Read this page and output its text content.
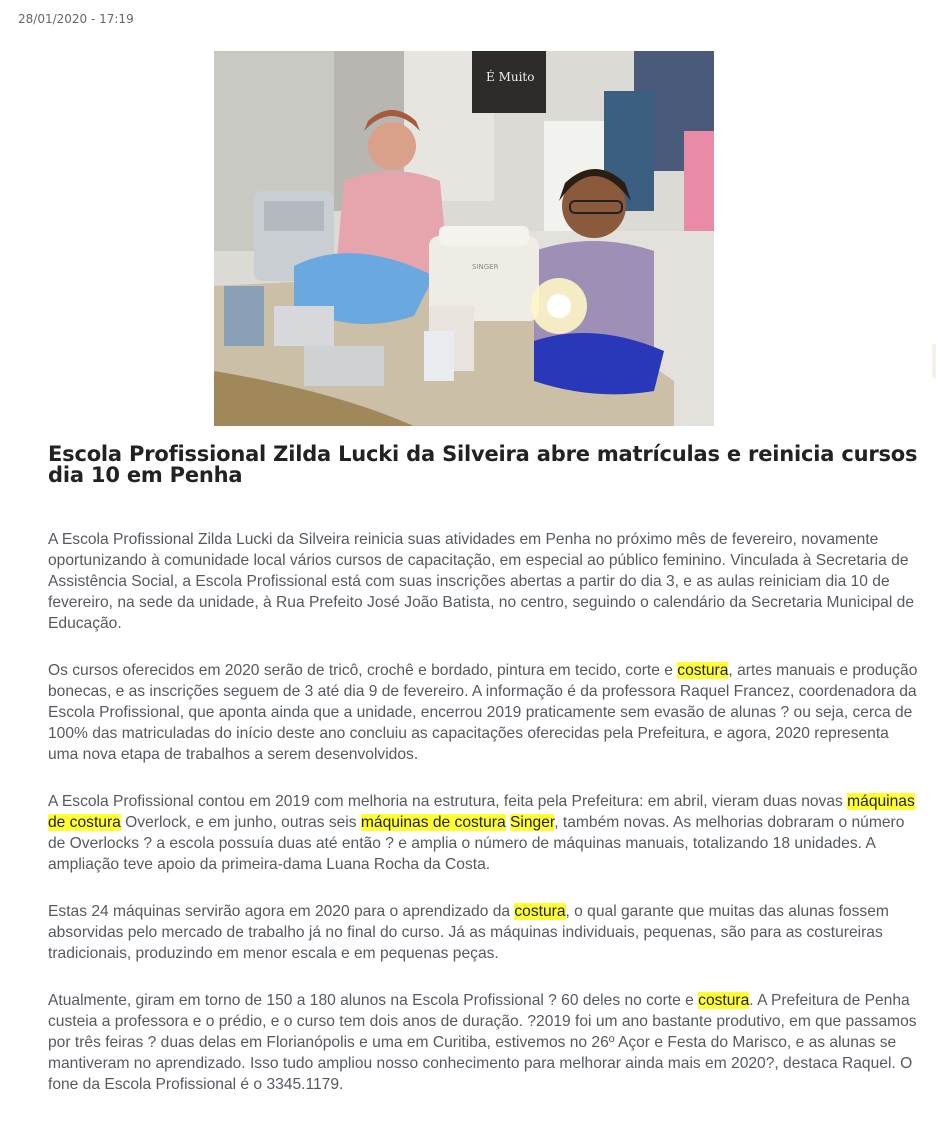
28/01/2020 - 17:19
É Muito
SINGER
Escola Profissional Zilda Lucki da Silveira abre matrículas e reinicia cursos dia 10 em Penha

A Escola Profissional Zilda Lucki da Silveira reinicia suas atividades em Penha no próximo mês de fevereiro, novamente oportunizando à comunidade local vários cursos de capacitação, em especial ao público feminino. Vinculada à Secretaria de Assistência Social, a Escola Profissional está com suas inscrições abertas a partir do dia 3, e as aulas reiniciam dia 10 de fevereiro, na sede da unidade, à Rua Prefeito José João Batista, no centro, seguindo o calendário da Secretaria Municipal de Educação.

Os cursos oferecidos em 2020 serão de tricô, crochê e bordado, pintura em tecido, corte e costura, artes manuais e produção bonecas, e as inscrições seguem de 3 até dia 9 de fevereiro. A informação é da professora Raquel Francez, coordenadora da Escola Profissional, que aponta ainda que a unidade, encerrou 2019 praticamente sem evasão de alunas ? ou seja, cerca de 100% das matriculadas do início deste ano concluiu as capacitações oferecidas pela Prefeitura, e agora, 2020 representa uma nova etapa de trabalhos a serem desenvolvidos.

A Escola Profissional contou em 2019 com melhoria na estrutura, feita pela Prefeitura: em abril, vieram duas novas máquinas de costura Overlock, e em junho, outras seis máquinas de costura Singer, também novas. As melhorias dobraram o número de Overlocks ? a escola possuía duas até então ? e amplia o número de máquinas manuais, totalizando 18 unidades. A ampliação teve apoio da primeira-dama Luana Rocha da Costa.

Estas 24 máquinas servirão agora em 2020 para o aprendizado da costura, o qual garante que muitas das alunas fossem absorvidas pelo mercado de trabalho já no final do curso. Já as máquinas individuais, pequenas, são para as costureiras tradicionais, produzindo em menor escala e em pequenas peças.

Atualmente, giram em torno de 150 a 180 alunos na Escola Profissional ? 60 deles no corte e costura. A Prefeitura de Penha custeia a professora e o prédio, e o curso tem dois anos de duração. ?2019 foi um ano bastante produtivo, em que passamos por três feiras ? duas delas em Florianópolis e uma em Curitiba, estivemos no 26º Açor e Festa do Marisco, e as alunas se mantiveram no aprendizado. Isso tudo ampliou nosso conhecimento para melhorar ainda mais em 2020?, destaca Raquel. O fone da Escola Profissional é o 3345.1179.
